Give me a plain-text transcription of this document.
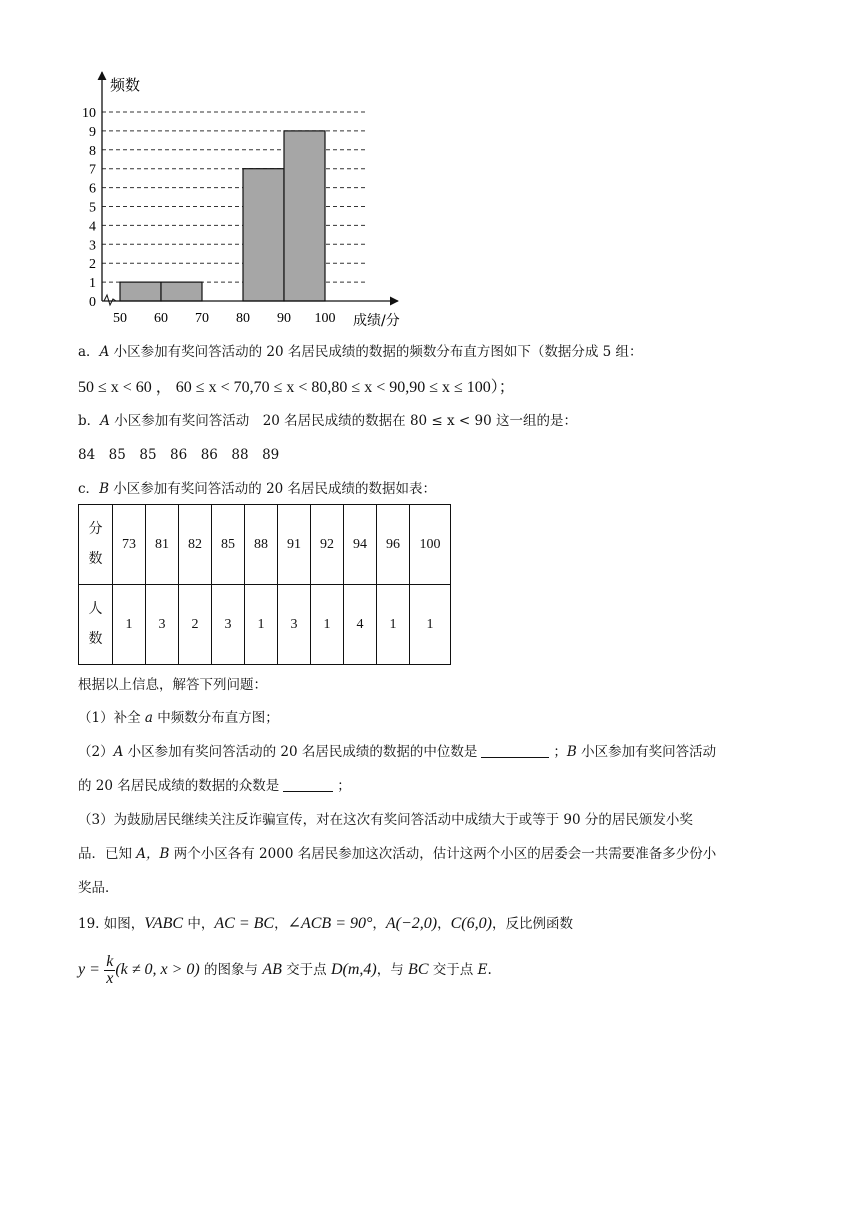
0
1
2
3
4
5
6
7
8
9
10
50 60 70 80 90 100
频数
成绩/分
a．A 小区参加有奖问答活动的 20 名居民成绩的数据的频数分布直方图如下（数据分成 5 组：
50 ≤ x < 60 ， 60 ≤ x < 70,70 ≤ x < 80,80 ≤ x < 90,90 ≤ x ≤ 100）；
b．A 小区参加有奖问答活动　20 名居民成绩的数据在 80 ≤ x < 90 这一组的是：
84　85　85　86　86　88　89
c．B 小区参加有奖问答活动的 20 名居民成绩的数据如表：
分
数	73	81	82	85	88	91	92	94	96	100
人
数	1	3	2	3	1	3	1	4	1	1
根据以上信息，解答下列问题：
（1）补全 a 中频数分布直方图；
（2）A 小区参加有奖问答活动的 20 名居民成绩的数据的中位数是	；B 小区参加有奖问答活动
的 20 名居民成绩的数据的众数是	；
（3）为鼓励居民继续关注反诈骗宣传，对在这次有奖问答活动中成绩大于或等于 90 分的居民颁发小奖
品．已知 A，B 两个小区各有 2000 名居民参加这次活动，估计这两个小区的居委会一共需要准备多少份小
奖品．
19. 如图，VABC 中，AC = BC，∠ACB = 90°，A(−2,0)，C(6,0)，反比例函数
$y = \frac{k}{x} (k \ne 0$, x > 0) 的图象与 AB 交于点 D(m,4)，与 BC 交于点 E.
